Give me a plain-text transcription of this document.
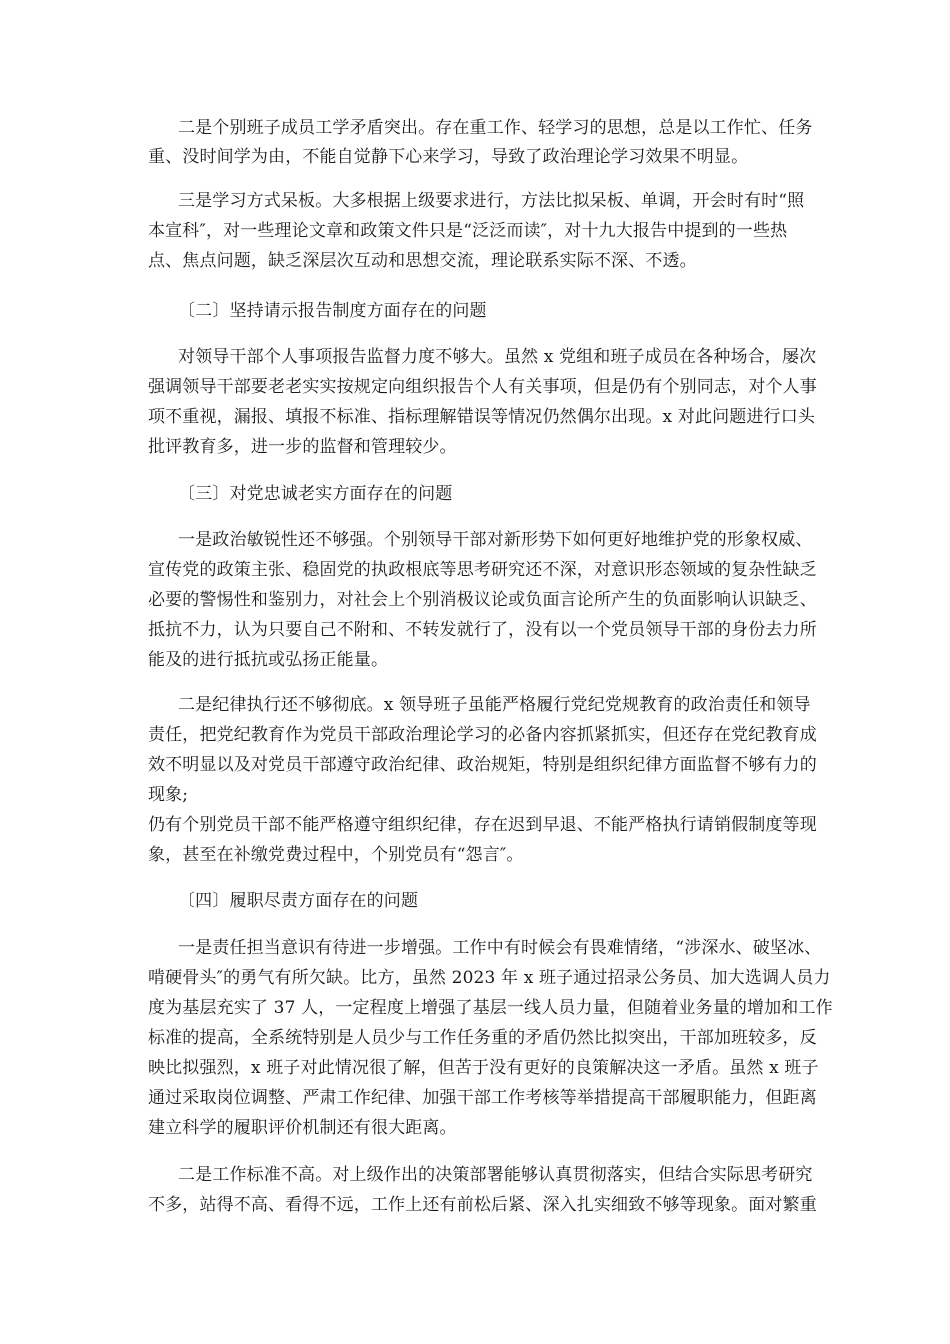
二是个别班子成员工学矛盾突出。存在重工作、轻学习的思想，总是以工作忙、任务
重、没时间学为由，不能自觉静下心来学习，导致了政治理论学习效果不明显。
三是学习方式呆板。大多根据上级要求进行，方法比拟呆板、单调，开会时有时“照
本宣科″，对一些理论文章和政策文件只是“泛泛而读″，对十九大报告中提到的一些热
点、焦点问题，缺乏深层次互动和思想交流，理论联系实际不深、不透。
〔二〕坚持请示报告制度方面存在的问题
对领导干部个人事项报告监督力度不够大。虽然 x 党组和班子成员在各种场合，屡次
强调领导干部要老老实实按规定向组织报告个人有关事项，但是仍有个别同志，对个人事
项不重视，漏报、填报不标准、指标理解错误等情况仍然偶尔出现。x 对此问题进行口头
批评教育多，进一步的监督和管理较少。
〔三〕对党忠诚老实方面存在的问题
一是政治敏锐性还不够强。个别领导干部对新形势下如何更好地维护党的形象权威、
宣传党的政策主张、稳固党的执政根底等思考研究还不深，对意识形态领域的复杂性缺乏
必要的警惕性和鉴别力，对社会上个别消极议论或负面言论所产生的负面影响认识缺乏、
抵抗不力，认为只要自己不附和、不转发就行了，没有以一个党员领导干部的身份去力所
能及的进行抵抗或弘扬正能量。
二是纪律执行还不够彻底。x 领导班子虽能严格履行党纪党规教育的政治责任和领导
责任，把党纪教育作为党员干部政治理论学习的必备内容抓紧抓实，但还存在党纪教育成
效不明显以及对党员干部遵守政治纪律、政治规矩，特别是组织纪律方面监督不够有力的
现象;
仍有个别党员干部不能严格遵守组织纪律，存在迟到早退、不能严格执行请销假制度等现
象，甚至在补缴党费过程中，个别党员有“怨言″。
〔四〕履职尽责方面存在的问题
一是责任担当意识有待进一步增强。工作中有时候会有畏难情绪，“涉深水、破坚冰、
啃硬骨头″的勇气有所欠缺。比方，虽然 2023 年 x 班子通过招录公务员、加大选调人员力
度为基层充实了 37 人，一定程度上增强了基层一线人员力量，但随着业务量的增加和工作
标准的提高，全系统特别是人员少与工作任务重的矛盾仍然比拟突出，干部加班较多，反
映比拟强烈，x 班子对此情况很了解，但苦于没有更好的良策解决这一矛盾。虽然 x 班子
通过采取岗位调整、严肃工作纪律、加强干部工作考核等举措提高干部履职能力，但距离
建立科学的履职评价机制还有很大距离。
二是工作标准不高。对上级作出的决策部署能够认真贯彻落实，但结合实际思考研究
不多，站得不高、看得不远，工作上还有前松后紧、深入扎实细致不够等现象。面对繁重
